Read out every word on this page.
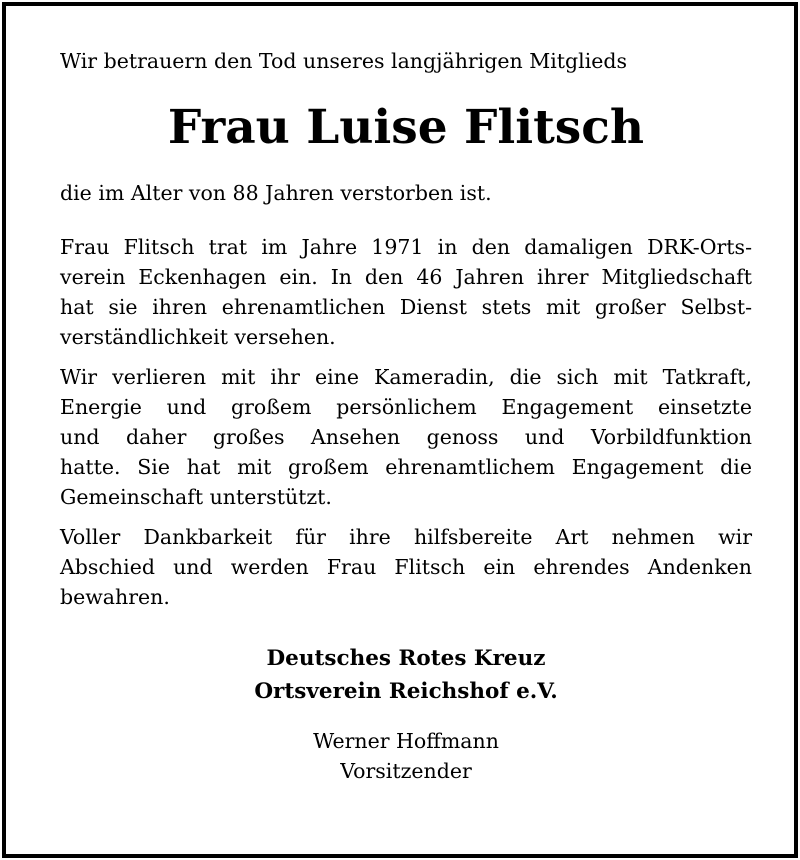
Wir betrauern den Tod unseres langjährigen Mitglieds
Frau Luise Flitsch
die im Alter von 88 Jahren verstorben ist.
Frau Flitsch trat im Jahre 1971 in den damaligen DRK-Orts-
verein Eckenhagen ein. In den 46 Jahren ihrer Mitgliedschaft
hat sie ihren ehrenamtlichen Dienst stets mit großer Selbst-
verständlichkeit versehen.
Wir verlieren mit ihr eine Kameradin, die sich mit Tatkraft,
Energie und großem persönlichem Engagement einsetzte
und daher großes Ansehen genoss und Vorbildfunktion
hatte. Sie hat mit großem ehrenamtlichem Engagement die
Gemeinschaft unterstützt.
Voller Dankbarkeit für ihre hilfsbereite Art nehmen wir
Abschied und werden Frau Flitsch ein ehrendes Andenken
bewahren.
Deutsches Rotes Kreuz
Ortsverein Reichshof e.V.
Werner Hoffmann
Vorsitzender
